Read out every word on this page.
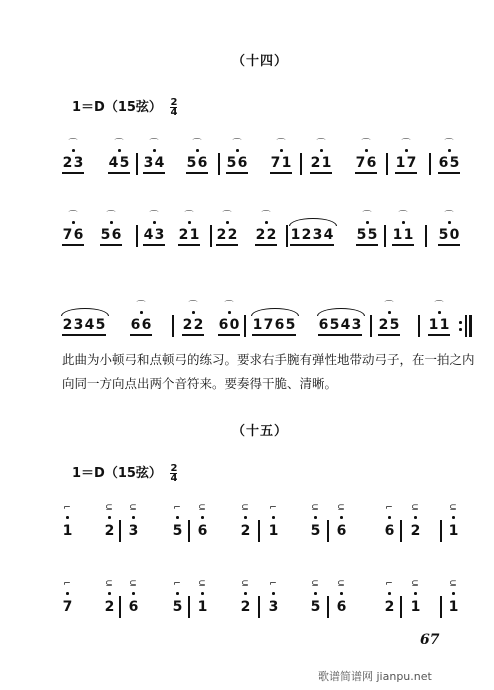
（十四）
1＝D（15弦） $\frac{2}{4}$
2 3
⌒
4 5
⌒
3 4
⌒
5 6
⌒
5 6
⌒
7 1
⌒
2 1
⌒
7 6
⌒
1 7
⌒
6 5
⌒
7 6
⌒
5 6
⌒
4 3
⌒
2 1
⌒
2 2
⌒
2 2
⌒
1 2 3 4 5 5
⌒
1 1
⌒
5 0
⌒
2 3 4 5 6 6
⌒
2 2
⌒
6 0
⌒
1 7 6 5 6 5 4 3 2 5
⌒
1 1
⌒
此曲为小顿弓和点顿弓的练习。要求右手腕有弹性地带动弓子，在一拍之内向同一方向点出两个音符来。要奏得干脆、清晰。
（十五）
1＝D（15弦） $\frac{2}{4}$
1
⌐
2
⊆
3
⊆
5
⌐
6
⊆
2
⊆
1
⌐
5
⊆
6
⊆
6
⌐
2
⊆
1
⊆
7
⌐
2
⊆
6
⊆
5
⌐
1
⊆
2
⊆
3
⌐
5
⊆
6
⊆
2
⌐
1
⊆
1
⊆
67
歌谱简谱网 jianpu.net
